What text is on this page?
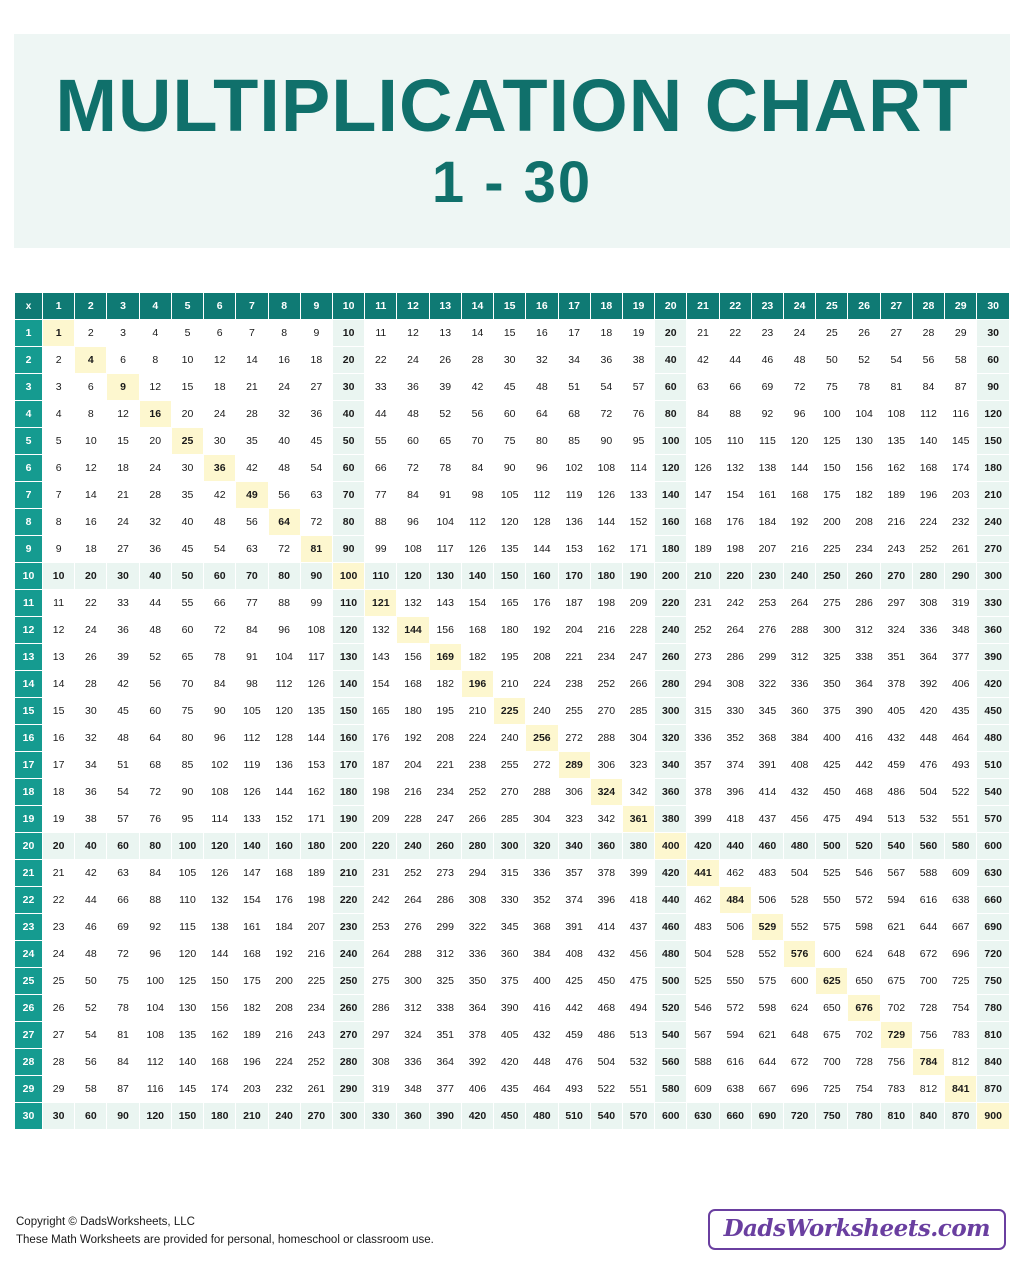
MULTIPLICATION CHART
1 - 30
x	1	2	3	4	5	6	7	8	9	10	11	12	13	14	15	16	17	18	19	20	21	22	23	24	25	26	27	28	29	30
1	1	2	3	4	5	6	7	8	9	10	11	12	13	14	15	16	17	18	19	20	21	22	23	24	25	26	27	28	29	30
2	2	4	6	8	10	12	14	16	18	20	22	24	26	28	30	32	34	36	38	40	42	44	46	48	50	52	54	56	58	60
3	3	6	9	12	15	18	21	24	27	30	33	36	39	42	45	48	51	54	57	60	63	66	69	72	75	78	81	84	87	90
4	4	8	12	16	20	24	28	32	36	40	44	48	52	56	60	64	68	72	76	80	84	88	92	96	100	104	108	112	116	120
5	5	10	15	20	25	30	35	40	45	50	55	60	65	70	75	80	85	90	95	100	105	110	115	120	125	130	135	140	145	150
6	6	12	18	24	30	36	42	48	54	60	66	72	78	84	90	96	102	108	114	120	126	132	138	144	150	156	162	168	174	180
7	7	14	21	28	35	42	49	56	63	70	77	84	91	98	105	112	119	126	133	140	147	154	161	168	175	182	189	196	203	210
8	8	16	24	32	40	48	56	64	72	80	88	96	104	112	120	128	136	144	152	160	168	176	184	192	200	208	216	224	232	240
9	9	18	27	36	45	54	63	72	81	90	99	108	117	126	135	144	153	162	171	180	189	198	207	216	225	234	243	252	261	270
10	10	20	30	40	50	60	70	80	90	100	110	120	130	140	150	160	170	180	190	200	210	220	230	240	250	260	270	280	290	300
11	11	22	33	44	55	66	77	88	99	110	121	132	143	154	165	176	187	198	209	220	231	242	253	264	275	286	297	308	319	330
12	12	24	36	48	60	72	84	96	108	120	132	144	156	168	180	192	204	216	228	240	252	264	276	288	300	312	324	336	348	360
13	13	26	39	52	65	78	91	104	117	130	143	156	169	182	195	208	221	234	247	260	273	286	299	312	325	338	351	364	377	390
14	14	28	42	56	70	84	98	112	126	140	154	168	182	196	210	224	238	252	266	280	294	308	322	336	350	364	378	392	406	420
15	15	30	45	60	75	90	105	120	135	150	165	180	195	210	225	240	255	270	285	300	315	330	345	360	375	390	405	420	435	450
16	16	32	48	64	80	96	112	128	144	160	176	192	208	224	240	256	272	288	304	320	336	352	368	384	400	416	432	448	464	480
17	17	34	51	68	85	102	119	136	153	170	187	204	221	238	255	272	289	306	323	340	357	374	391	408	425	442	459	476	493	510
18	18	36	54	72	90	108	126	144	162	180	198	216	234	252	270	288	306	324	342	360	378	396	414	432	450	468	486	504	522	540
19	19	38	57	76	95	114	133	152	171	190	209	228	247	266	285	304	323	342	361	380	399	418	437	456	475	494	513	532	551	570
20	20	40	60	80	100	120	140	160	180	200	220	240	260	280	300	320	340	360	380	400	420	440	460	480	500	520	540	560	580	600
21	21	42	63	84	105	126	147	168	189	210	231	252	273	294	315	336	357	378	399	420	441	462	483	504	525	546	567	588	609	630
22	22	44	66	88	110	132	154	176	198	220	242	264	286	308	330	352	374	396	418	440	462	484	506	528	550	572	594	616	638	660
23	23	46	69	92	115	138	161	184	207	230	253	276	299	322	345	368	391	414	437	460	483	506	529	552	575	598	621	644	667	690
24	24	48	72	96	120	144	168	192	216	240	264	288	312	336	360	384	408	432	456	480	504	528	552	576	600	624	648	672	696	720
25	25	50	75	100	125	150	175	200	225	250	275	300	325	350	375	400	425	450	475	500	525	550	575	600	625	650	675	700	725	750
26	26	52	78	104	130	156	182	208	234	260	286	312	338	364	390	416	442	468	494	520	546	572	598	624	650	676	702	728	754	780
27	27	54	81	108	135	162	189	216	243	270	297	324	351	378	405	432	459	486	513	540	567	594	621	648	675	702	729	756	783	810
28	28	56	84	112	140	168	196	224	252	280	308	336	364	392	420	448	476	504	532	560	588	616	644	672	700	728	756	784	812	840
29	29	58	87	116	145	174	203	232	261	290	319	348	377	406	435	464	493	522	551	580	609	638	667	696	725	754	783	812	841	870
30	30	60	90	120	150	180	210	240	270	300	330	360	390	420	450	480	510	540	570	600	630	660	690	720	750	780	810	840	870	900
Copyright © DadsWorksheets, LLC
These Math Worksheets are provided for personal, homeschool or classroom use.	DadsWorksheets.com
